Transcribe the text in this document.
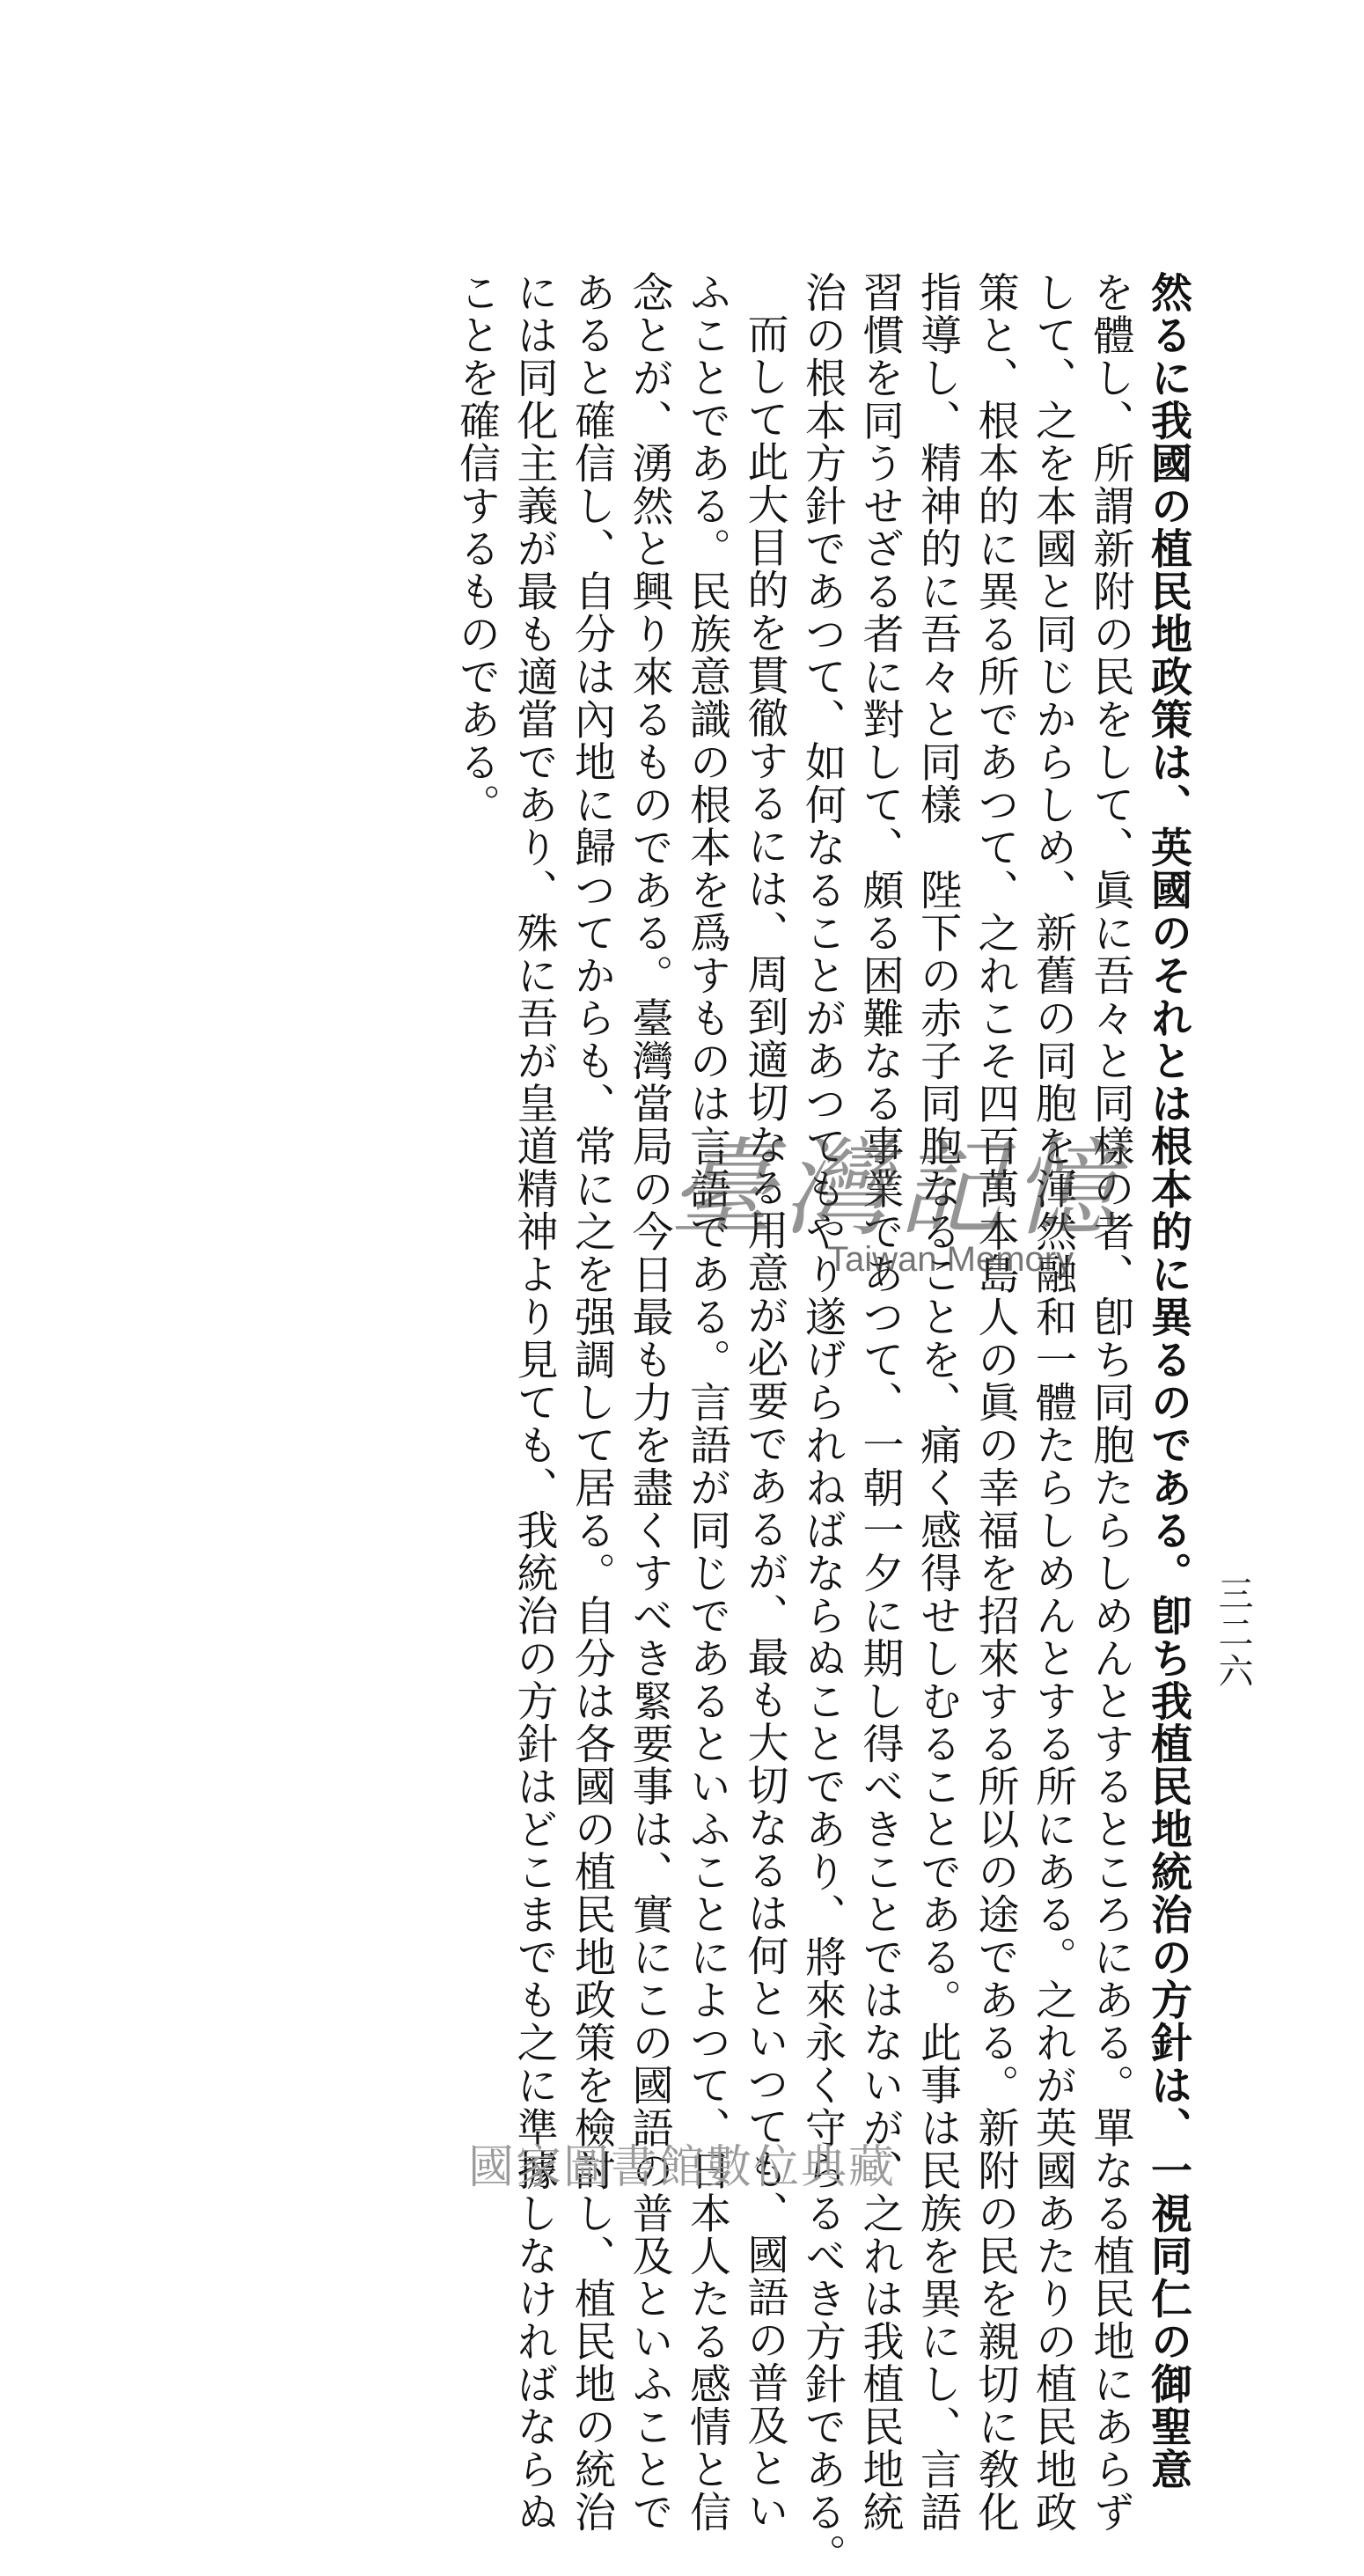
三二六
然るに我國の植民地政策は、英國のそれとは根本的に異るのである。卽ち我植民地統治の方針は、一視同仁の御聖意
を體し、所謂新附の民をして、眞に吾々と同樣の者、卽ち同胞たらしめんとするところにある。單なる植民地にあらず
して、之を本國と同じからしめ、新舊の同胞を渾然融和一體たらしめんとする所にある。之れが英國あたりの植民地政
策と、根本的に異る所であつて、之れこそ四百萬本島人の眞の幸福を招來する所以の途である。新附の民を親切に敎化
指導し、精神的に吾々と同樣　陛下の赤子同胞なることを、痛く感得せしむることである。此事は民族を異にし、言語
習慣を同うせざる者に對して、頗る困難なる事業であつて、一朝一夕に期し得べきことではないが、之れは我植民地統
治の根本方針であつて、如何なることがあつてもやり遂げられねばならぬことであり、將來永く守らるべき方針である。
而して此大目的を貫徹するには、周到適切なる用意が必要であるが、最も大切なるは何といつても、國語の普及とい
ふことである。民族意識の根本を爲すものは言語である。言語が同じであるといふことによつて、日本人たる感情と信
念とが、湧然と興り來るものである。臺灣當局の今日最も力を盡くすべき緊要事は、實にこの國語の普及といふことで
あると確信し、自分は內地に歸つてからも、常に之を强調して居る。自分は各國の植民地政策を檢討し、植民地の統治
には同化主義が最も適當であり、殊に吾が皇道精神より見ても、我統治の方針はどこまでも之に準據しなければならぬ
ことを確信するものである。
臺灣記憶
Taiwan Memory
國家圖書館數位典藏
